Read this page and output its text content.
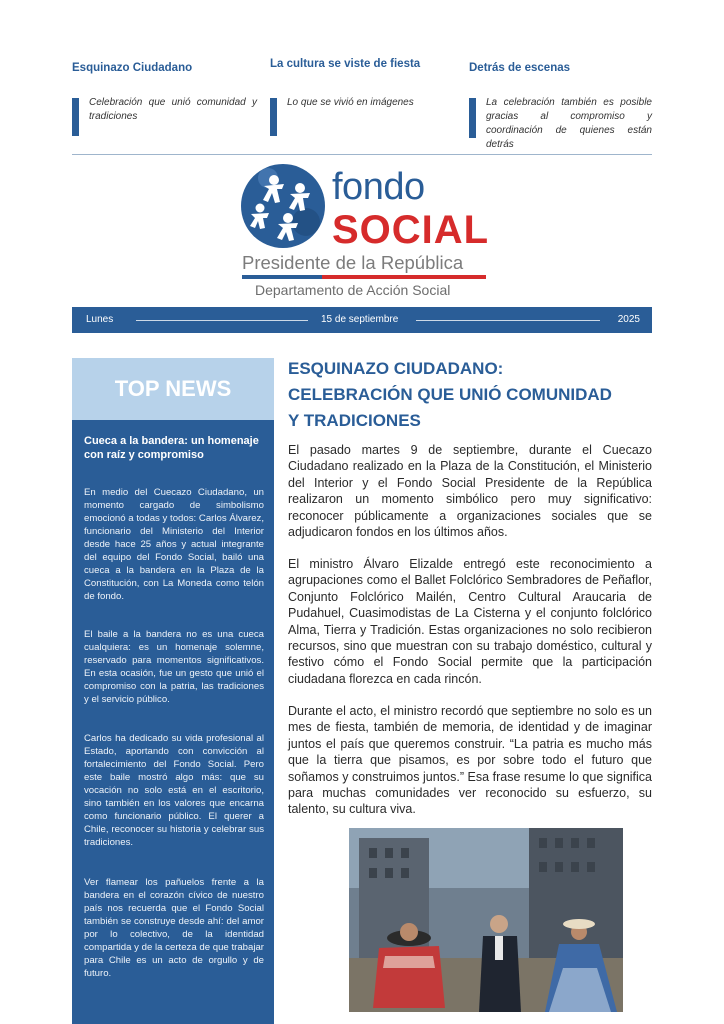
Esquinazo Ciudadano
Celebración que unió comunidad y tradiciones
La cultura se viste de fiesta
Lo que se vivió en imágenes
Detrás de escenas
La celebración también es posible gracias al compromiso y coordinación de quienes están detrás
fondo
SOCIAL
Presidente de la República
Departamento de Acción Social
Lunes	15 de septiembre	2025
TOP NEWS
Cueca a la bandera: un homenaje con raíz y compromiso

En medio del Cuecazo Ciudadano, un momento cargado de simbolismo emocionó a todas y todos: Carlos Álvarez, funcionario del Ministerio del Interior desde hace 25 años y actual integrante del equipo del Fondo Social, bailó una cueca a la bandera en la Plaza de la Constitución, con La Moneda como telón de fondo.

El baile a la bandera no es una cueca cualquiera: es un homenaje solemne, reservado para momentos significativos. En esta ocasión, fue un gesto que unió el compromiso con la patria, las tradiciones y el servicio público.

Carlos ha dedicado su vida profesional al Estado, aportando con convicción al fortalecimiento del Fondo Social. Pero este baile mostró algo más: que su vocación no solo está en el escritorio, sino también en los valores que encarna como funcionario público. El querer a Chile, reconocer su historia y celebrar sus tradiciones.

Ver flamear los pañuelos frente a la bandera en el corazón cívico de nuestro país nos recuerda que el Fondo Social también se construye desde ahí: del amor por lo colectivo, de la identidad compartida y de la certeza de que trabajar para Chile es un acto de orgullo y de futuro.

ESQUINAZO CIUDADANO:
CELEBRACIÓN QUE UNIÓ COMUNIDAD
Y TRADICIONES

El pasado martes 9 de septiembre, durante el Cuecazo Ciudadano realizado en la Plaza de la Constitución, el Ministerio del Interior y el Fondo Social Presidente de la República realizaron un momento simbólico pero muy significativo: reconocer públicamente a organizaciones sociales que se adjudicaron fondos en los últimos años.

El ministro Álvaro Elizalde entregó este reconocimiento a agrupaciones como el Ballet Folclórico Sembradores de Peñaflor, Conjunto Folclórico Mailén, Centro Cultural Araucaria de Pudahuel, Cuasimodistas de La Cisterna y el conjunto folclórico Alma, Tierra y Tradición. Estas organizaciones no solo recibieron recursos, sino que muestran con su trabajo doméstico, cultural y festivo cómo el Fondo Social permite que la participación ciudadana florezca en cada rincón.

Durante el acto, el ministro recordó que septiembre no solo es un mes de fiesta, también de memoria, de identidad y de imaginar juntos el país que queremos construir. “La patria es mucho más que la tierra que pisamos, es por sobre todo el futuro que soñamos y construimos juntos.” Esa frase resume lo que significa para muchas comunidades ver reconocido su esfuerzo, su talento, su cultura viva.
